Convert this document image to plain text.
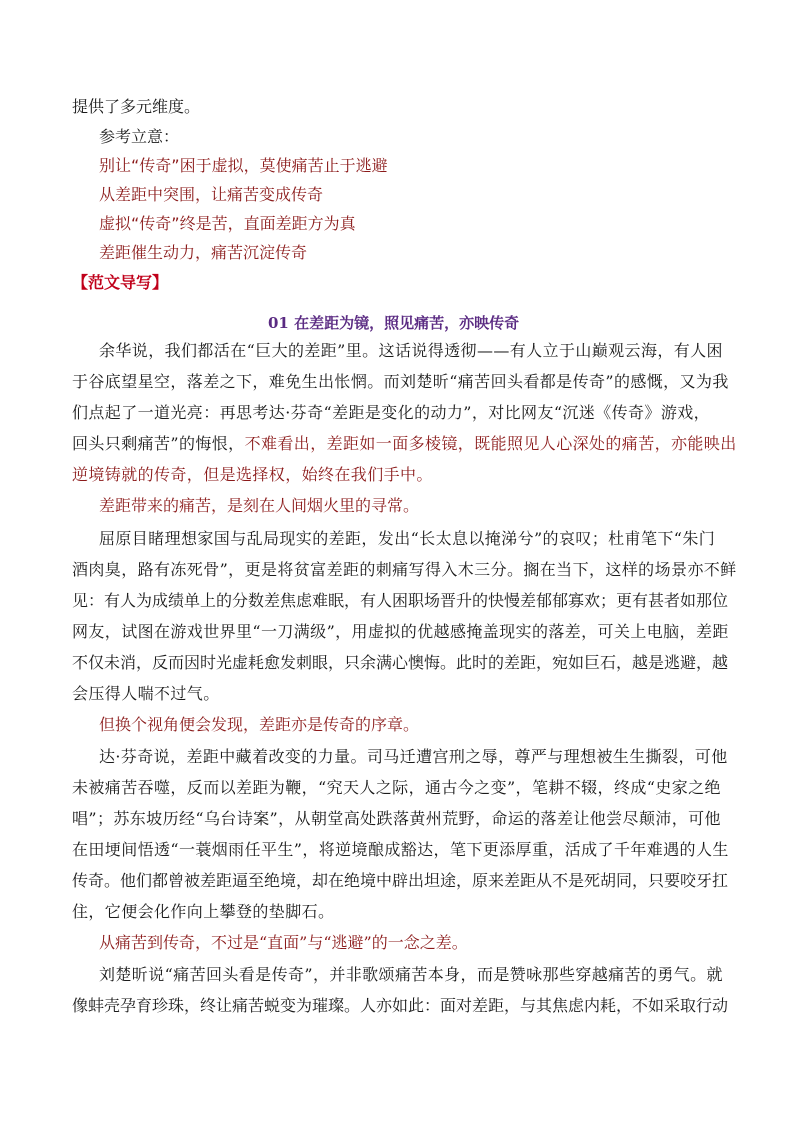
提供了多元维度。
参考立意：
别让“传奇”困于虚拟，莫使痛苦止于逃避
从差距中突围，让痛苦变成传奇
虚拟“传奇”终是苦，直面差距方为真
差距催生动力，痛苦沉淀传奇
【范文导写】
01 在差距为镜，照见痛苦，亦映传奇
余华说，我们都活在“巨大的差距”里。这话说得透彻——有人立于山巅观云海，有人困
于谷底望星空，落差之下，难免生出怅惘。而刘楚昕“痛苦回头看都是传奇”的感慨，又为我
们点起了一道光亮：再思考达·芬奇“差距是变化的动力”，对比网友“沉迷《传奇》游戏，
回头只剩痛苦”的悔恨，不难看出，差距如一面多棱镜，既能照见人心深处的痛苦，亦能映出
逆境铸就的传奇，但是选择权，始终在我们手中。
差距带来的痛苦，是刻在人间烟火里的寻常。
屈原目睹理想家国与乱局现实的差距，发出“长太息以掩涕兮”的哀叹；杜甫笔下“朱门
酒肉臭，路有冻死骨”，更是将贫富差距的刺痛写得入木三分。搁在当下，这样的场景亦不鲜
见：有人为成绩单上的分数差焦虑难眠，有人困职场晋升的快慢差郁郁寡欢；更有甚者如那位
网友，试图在游戏世界里“一刀满级”，用虚拟的优越感掩盖现实的落差，可关上电脑，差距
不仅未消，反而因时光虚耗愈发刺眼，只余满心懊悔。此时的差距，宛如巨石，越是逃避，越
会压得人喘不过气。
但换个视角便会发现，差距亦是传奇的序章。
达·芬奇说，差距中藏着改变的力量。司马迁遭宫刑之辱，尊严与理想被生生撕裂，可他
未被痛苦吞噬，反而以差距为鞭，“究天人之际，通古今之变”，笔耕不辍，终成“史家之绝
唱”；苏东坡历经“乌台诗案”，从朝堂高处跌落黄州荒野，命运的落差让他尝尽颠沛，可他
在田埂间悟透“一蓑烟雨任平生”，将逆境酿成豁达，笔下更添厚重，活成了千年难遇的人生
传奇。他们都曾被差距逼至绝境，却在绝境中辟出坦途，原来差距从不是死胡同，只要咬牙扛
住，它便会化作向上攀登的垫脚石。
从痛苦到传奇，不过是“直面”与“逃避”的一念之差。
刘楚昕说“痛苦回头看是传奇”，并非歌颂痛苦本身，而是赞咏那些穿越痛苦的勇气。就
像蚌壳孕育珍珠，终让痛苦蜕变为璀璨。人亦如此：面对差距，与其焦虑内耗，不如采取行动
